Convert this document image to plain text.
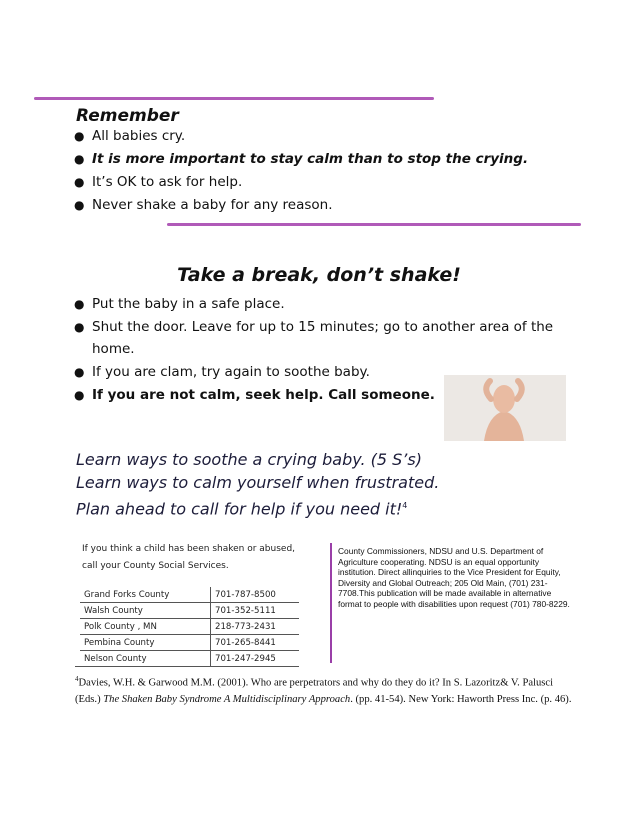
Remember
● All babies cry.
● It is more important to stay calm than to stop the crying.
● It’s OK to ask for help.
● Never shake a baby for any reason.
Take a break, don’t shake!
● Put the baby in a safe place.
● Shut the door. Leave for up to 15 minutes; go to another area of the home.
● If you are clam, try again to soothe baby.
● If you are not calm, seek help. Call someone.

Learn ways to soothe a crying baby. (5 S’s)

Learn ways to calm yourself when frustrated.

Plan ahead to call for help if you need it!$^4$

If you think a child has been shaken or abused, call your County Social Services.

Grand Forks County	701-787-8500
Walsh County	701-352-5111
Polk County , MN	218-773-2431
Pembina County	701-265-8441
Nelson County	701-247-2945

County Commissioners, NDSU and U.S. Department of Agriculture cooperating. NDSU is an equal opportunity institution. Direct allinquiries to the Vice President for Equity, Diversity and Global Outreach; 205 Old Main, (701) 231-7708.This publication will be made available in alternative format to people with disabilities upon request (701) 780-8229.

$^4$Davies, W.H. & Garwood M.M. (2001). Who are perpetrators and why do they do it? In S. Lazoritz& V. Palusci (Eds.) The Shaken Baby Syndrome A Multidisciplinary Approach. (pp. 41-54). New York: Haworth Press Inc. (p. 46).
